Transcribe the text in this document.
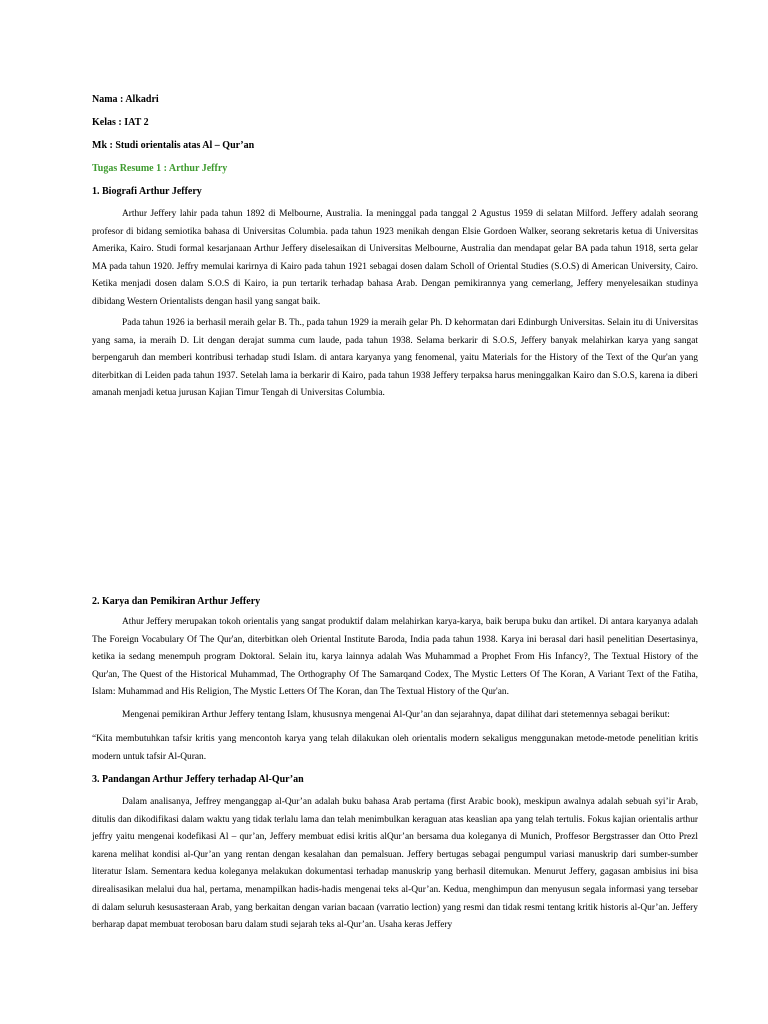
Nama : Alkadri
Kelas : IAT 2
Mk : Studi orientalis atas Al – Qur’an
Tugas Resume 1 : Arthur Jeffry
1. Biografi Arthur Jeffery

Arthur Jeffery lahir pada tahun 1892 di Melbourne, Australia. Ia meninggal pada tanggal 2 Agustus 1959 di selatan Milford. Jeffery adalah seorang profesor di bidang semiotika bahasa di Universitas Columbia. pada tahun 1923 menikah dengan Elsie Gordoen Walker, seorang sekretaris ketua di Universitas Amerika, Kairo. Studi formal kesarjanaan Arthur Jeffery diselesaikan di Universitas Melbourne, Australia dan mendapat gelar BA pada tahun 1918, serta gelar MA pada tahun 1920. Jeffry memulai karirnya di Kairo pada tahun 1921 sebagai dosen dalam Scholl of Oriental Studies (S.O.S) di American University, Cairo. Ketika menjadi dosen dalam S.O.S di Kairo, ia pun tertarik terhadap bahasa Arab. Dengan pemikirannya yang cemerlang, Jeffery menyelesaikan studinya dibidang Western Orientalists dengan hasil yang sangat baik.

Pada tahun 1926 ia berhasil meraih gelar B. Th., pada tahun 1929 ia meraih gelar Ph. D kehormatan dari Edinburgh Universitas. Selain itu di Universitas yang sama, ia meraih D. Lit dengan derajat summa cum laude, pada tahun 1938. Selama berkarir di S.O.S, Jeffery banyak melahirkan karya yang sangat berpengaruh dan memberi kontribusi terhadap studi Islam. di antara karyanya yang fenomenal, yaitu Materials for the History of the Text of the Qur'an yang diterbitkan di Leiden pada tahun 1937. Setelah lama ia berkarir di Kairo, pada tahun 1938 Jeffery terpaksa harus meninggalkan Kairo dan S.O.S, karena ia diberi amanah menjadi ketua jurusan Kajian Timur Tengah di Universitas Columbia.

2. Karya dan Pemikiran Arthur Jeffery

Athur Jeffery merupakan tokoh orientalis yang sangat produktif dalam melahirkan karya-karya, baik berupa buku dan artikel. Di antara karyanya adalah The Foreign Vocabulary Of The Qur'an, diterbitkan oleh Oriental Institute Baroda, India pada tahun 1938. Karya ini berasal dari hasil penelitian Desertasinya, ketika ia sedang menempuh program Doktoral. Selain itu, karya lainnya adalah Was Muhammad a Prophet From His Infancy?, The Textual History of the Qur'an, The Quest of the Historical Muhammad, The Orthography Of The Samarqand Codex, The Mystic Letters Of The Koran, A Variant Text of the Fatiha, Islam: Muhammad and His Religion, The Mystic Letters Of The Koran, dan The Textual History of the Qur'an.

Mengenai pemikiran Arthur Jeffery tentang Islam, khususnya mengenai Al-Qur’an dan sejarahnya, dapat dilihat dari stetemennya sebagai berikut:

“Kita membutuhkan tafsir kritis yang mencontoh karya yang telah dilakukan oleh orientalis modern sekaligus menggunakan metode-metode penelitian kritis modern untuk tafsir Al-Quran.

3. Pandangan Arthur Jeffery terhadap Al-Qur’an

Dalam analisanya, Jeffrey menganggap al-Qur’an adalah buku bahasa Arab pertama (first Arabic book), meskipun awalnya adalah sebuah syi’ir Arab, ditulis dan dikodifikasi dalam waktu yang tidak terlalu lama dan telah menimbulkan keraguan atas keaslian apa yang telah tertulis. Fokus kajian orientalis arthur jeffry yaitu mengenai kodefikasi Al – qur’an, Jeffery membuat edisi kritis alQur’an bersama dua koleganya di Munich, Proffesor Bergstrasser dan Otto Prezl karena melihat kondisi al-Qur’an yang rentan dengan kesalahan dan pemalsuan. Jeffery bertugas sebagai pengumpul variasi manuskrip dari sumber-sumber literatur Islam. Sementara kedua koleganya melakukan dokumentasi terhadap manuskrip yang berhasil ditemukan. Menurut Jeffery, gagasan ambisius ini bisa direalisasikan melalui dua hal, pertama, menampilkan hadis-hadis mengenai teks al-Qur’an. Kedua, menghimpun dan menyusun segala informasi yang tersebar di dalam seluruh kesusasteraan Arab, yang berkaitan dengan varian bacaan (varratio lection) yang resmi dan tidak resmi tentang kritik historis al-Qur’an. Jeffery berharap dapat membuat terobosan baru dalam studi sejarah teks al-Qur’an. Usaha keras Jeffery
